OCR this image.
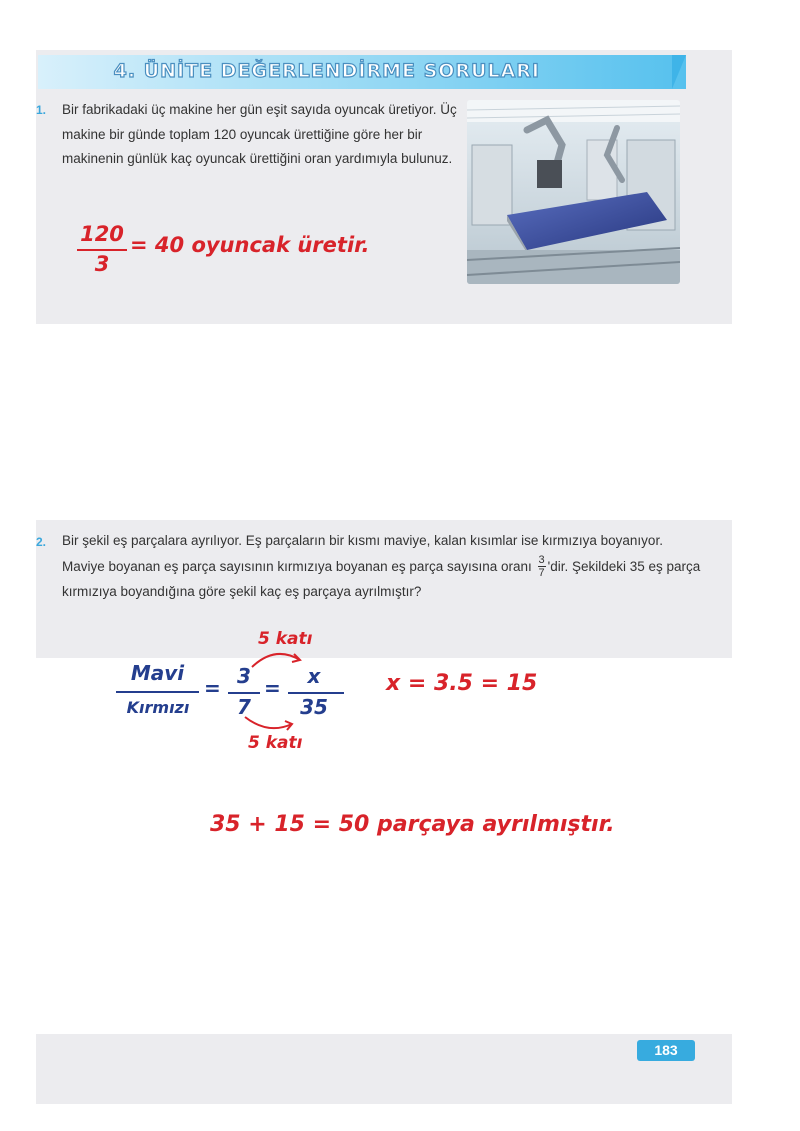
4. ÜNİTE DEĞERLENDİRME SORULARI
1. Bir fabrikadaki üç makine her gün eşit sayıda oyuncak üretiyor. Üç makine bir günde toplam 120 oyuncak ürettiğine göre her bir makinenin günlük kaç oyuncak ürettiğini oran yardımıyla bulunuz.
120
3
= 40 oyuncak üretir.
2. Bir şekil eş parçalara ayrılıyor. Eş parçaların bir kısmı maviye, kalan kısımlar ise kırmızıya boyanıyor. Maviye boyanan eş parça sayısının kırmızıya boyanan eş parça sayısına oranı $\frac{3}{7}$ 'dir. Şekildeki 35 eş parça kırmızıya boyandığına göre şekil kaç eş parçaya ayrılmıştır?
Mavi
Kırmızı
= 3
7
=	x
35
5 katı
5 katı
x = 3.5 = 15
35 + 15 = 50 parçaya ayrılmıştır.
183
